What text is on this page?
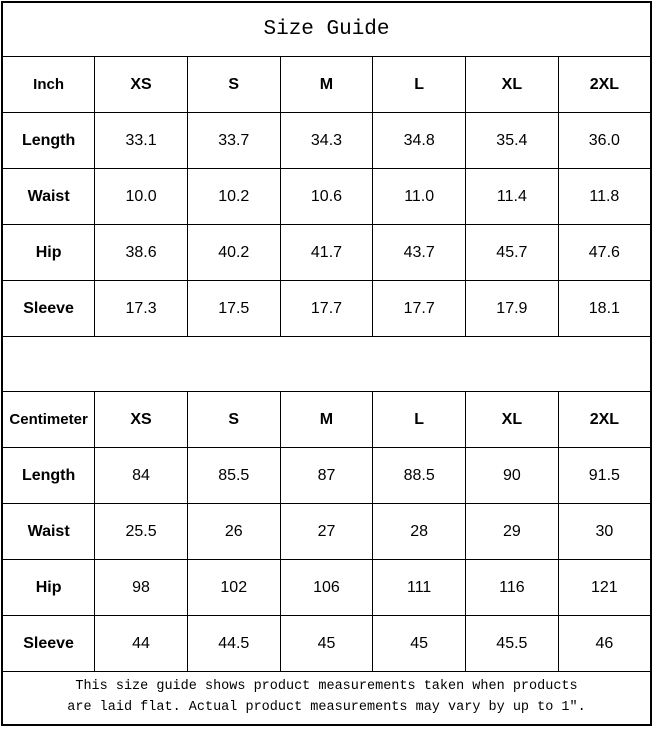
Size Guide						
Inch	XS	S	M	L	XL	2XL
Length	33.1	33.7	34.3	34.8	35.4	36.0
Waist	10.0	10.2	10.6	11.0	11.4	11.8
Hip	38.6	40.2	41.7	43.7	45.7	47.6
Sleeve	17.3	17.5	17.7	17.7	17.9	18.1

Centimeter	XS	S	M	L	XL	2XL
Length	84	85.5	87	88.5	90	91.5
Waist	25.5	26	27	28	29	30
Hip	98	102	106	111	116	121
Sleeve	44	44.5	45	45	45.5	46

This size guide shows product measurements taken when products
are laid flat. Actual product measurements may vary by up to 1″.						
